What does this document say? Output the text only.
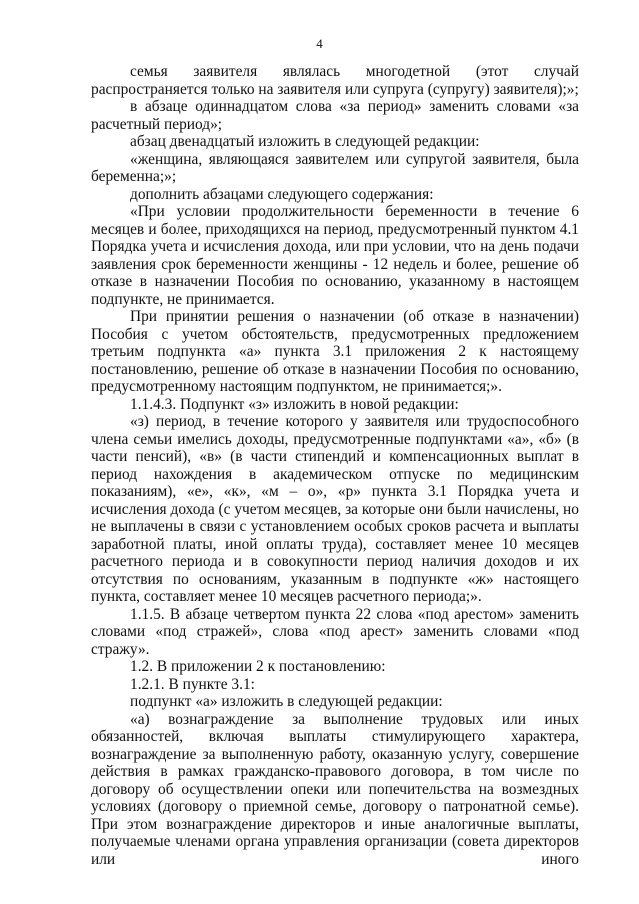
4

семья заявителя являлась многодетной (этот случай распространяется только на заявителя или супруга (супругу) заявителя);»;

в абзаце одиннадцатом слова «за период» заменить словами «за расчетный период»;

абзац двенадцатый изложить в следующей редакции:

«женщина, являющаяся заявителем или супругой заявителя, была беременна;»;

дополнить абзацами следующего содержания:

«При условии продолжительности беременности в течение 6 месяцев и более, приходящихся на период, предусмотренный пунктом 4.1 Порядка учета и исчисления дохода, или при условии, что на день подачи заявления срок беременности женщины - 12 недель и более, решение об отказе в назначении Пособия по основанию, указанному в настоящем подпункте, не принимается.

При принятии решения о назначении (об отказе в назначении) Пособия с учетом обстоятельств, предусмотренных предложением третьим подпункта «а» пункта 3.1 приложения 2 к настоящему постановлению, решение об отказе в назначении Пособия по основанию, предусмотренному настоящим подпунктом, не принимается;».

1.1.4.3. Подпункт «з» изложить в новой редакции:

«з) период, в течение которого у заявителя или трудоспособного члена семьи имелись доходы, предусмотренные подпунктами «а», «б» (в части пенсий), «в» (в части стипендий и компенсационных выплат в период нахождения в академическом отпуске по медицинским показаниям), «е», «к», «м – о», «р» пункта 3.1 Порядка учета и исчисления дохода (с учетом месяцев, за которые они были начислены, но не выплачены в связи с установлением особых сроков расчета и выплаты заработной платы, иной оплаты труда), составляет менее 10 месяцев расчетного периода и в совокупности период наличия доходов и их отсутствия по основаниям, указанным в подпункте «ж» настоящего пункта, составляет менее 10 месяцев расчетного периода;».

1.1.5. В абзаце четвертом пункта 22 слова «под арестом» заменить словами «под стражей», слова «под арест» заменить словами «под стражу».

1.2. В приложении 2 к постановлению:

1.2.1. В пункте 3.1:

подпункт «а» изложить в следующей редакции:

«а) вознаграждение за выполнение трудовых или иных обязанностей, включая выплаты стимулирующего характера, вознаграждение за выполненную работу, оказанную услугу, совершение действия в рамках гражданско-правового договора, в том числе по договору об осуществлении опеки или попечительства на возмездных условиях (договору о приемной семье, договору о патронатной семье). При этом вознаграждение директоров и иные аналогичные выплаты, получаемые членами органа управления организации (совета директоров или иного
